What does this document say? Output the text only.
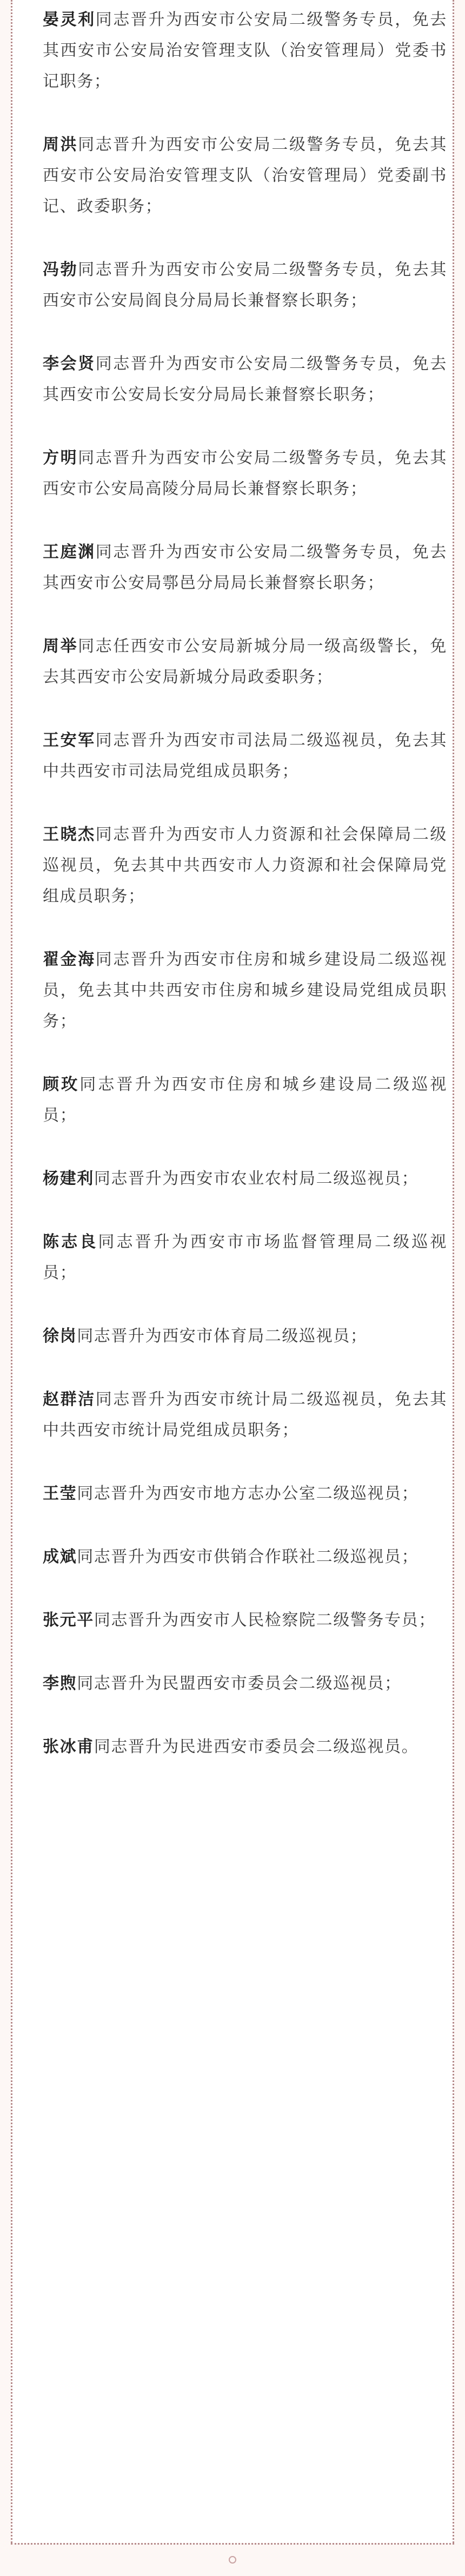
晏灵利同志晋升为西安市公安局二级警务专员，免去其西安市公安局治安管理支队（治安管理局）党委书记职务；

周洪同志晋升为西安市公安局二级警务专员，免去其西安市公安局治安管理支队（治安管理局）党委副书记、政委职务；

冯勃同志晋升为西安市公安局二级警务专员，免去其西安市公安局阎良分局局长兼督察长职务；

李会贤同志晋升为西安市公安局二级警务专员，免去其西安市公安局长安分局局长兼督察长职务；

方明同志晋升为西安市公安局二级警务专员，免去其西安市公安局高陵分局局长兼督察长职务；

王庭渊同志晋升为西安市公安局二级警务专员，免去其西安市公安局鄠邑分局局长兼督察长职务；

周举同志任西安市公安局新城分局一级高级警长，免去其西安市公安局新城分局政委职务；

王安军同志晋升为西安市司法局二级巡视员，免去其中共西安市司法局党组成员职务；

王晓杰同志晋升为西安市人力资源和社会保障局二级巡视员，免去其中共西安市人力资源和社会保障局党组成员职务；

翟金海同志晋升为西安市住房和城乡建设局二级巡视员，免去其中共西安市住房和城乡建设局党组成员职务；

顾玫同志晋升为西安市住房和城乡建设局二级巡视员；

杨建利同志晋升为西安市农业农村局二级巡视员；

陈志良同志晋升为西安市市场监督管理局二级巡视员；

徐岗同志晋升为西安市体育局二级巡视员；

赵群洁同志晋升为西安市统计局二级巡视员，免去其中共西安市统计局党组成员职务；

王莹同志晋升为西安市地方志办公室二级巡视员；

成斌同志晋升为西安市供销合作联社二级巡视员；

张元平同志晋升为西安市人民检察院二级警务专员；

李煦同志晋升为民盟西安市委员会二级巡视员；

张冰甫同志晋升为民进西安市委员会二级巡视员。
